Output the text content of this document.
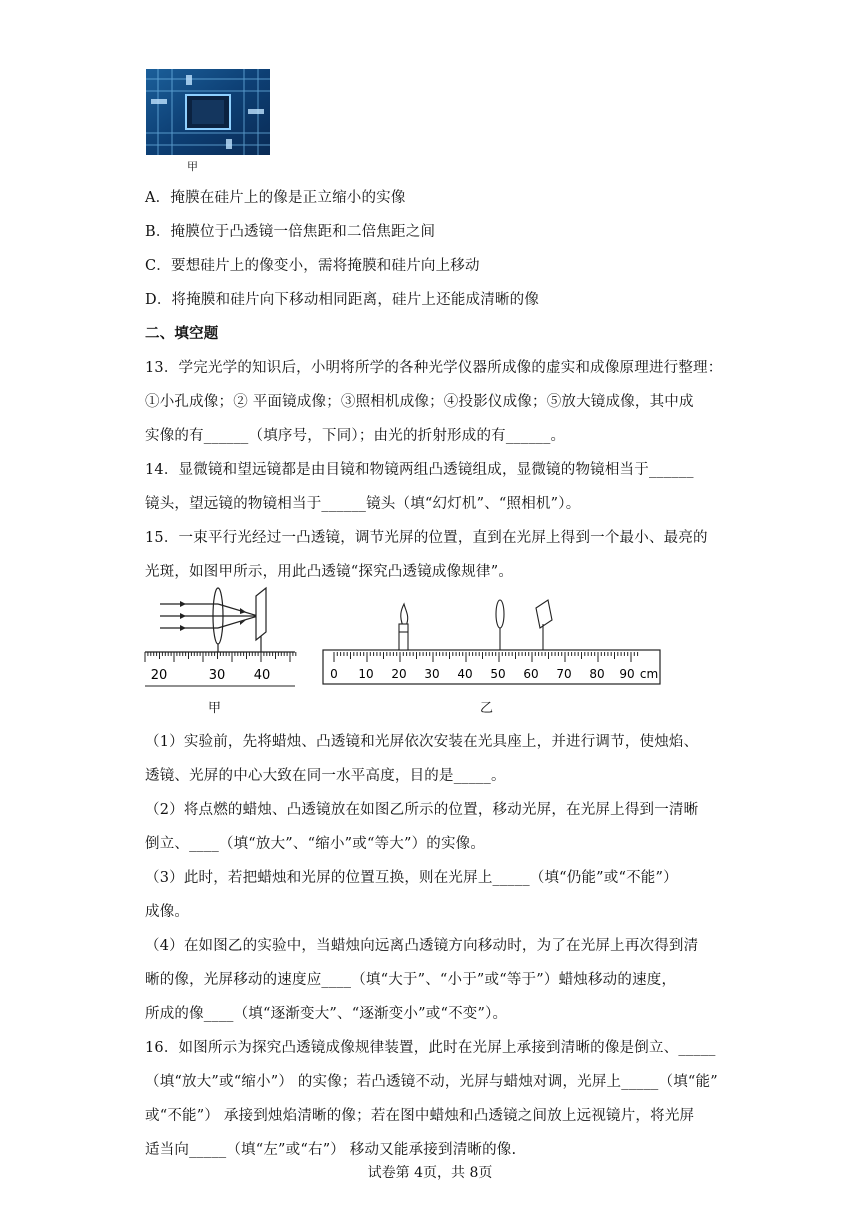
甲
A．掩膜在硅片上的像是正立缩小的实像
B．掩膜位于凸透镜一倍焦距和二倍焦距之间
C．要想硅片上的像变小，需将掩膜和硅片向上移动
D．将掩膜和硅片向下移动相同距离，硅片上还能成清晰的像
二、填空题
13．学完光学的知识后，小明将所学的各种光学仪器所成像的虚实和成像原理进行整理：
①小孔成像；② 平面镜成像；③照相机成像；④投影仪成像；⑤放大镜成像，其中成
实像的有______（填序号，下同）；由光的折射形成的有______。
14．显微镜和望远镜都是由目镜和物镜两组凸透镜组成，显微镜的物镜相当于______
镜头，望远镜的物镜相当于______镜头（填“幻灯机”、“照相机”）。
15．一束平行光经过一凸透镜，调节光屏的位置，直到在光屏上得到一个最小、最亮的
光斑，如图甲所示，用此凸透镜“探究凸透镜成像规律”。
20	30 40
甲
0 10 20 30 40 50 60 70 80 90 cm
乙
（1）实验前，先将蜡烛、凸透镜和光屏依次安装在光具座上，并进行调节，使烛焰、
透镜、光屏的中心大致在同一水平高度，目的是_____。
（2）将点燃的蜡烛、凸透镜放在如图乙所示的位置，移动光屏，在光屏上得到一清晰
倒立、____（填“放大”、“缩小”或“等大”）的实像。
（3）此时，若把蜡烛和光屏的位置互换，则在光屏上_____（填“仍能”或“不能”）
成像。
（4）在如图乙的实验中，当蜡烛向远离凸透镜方向移动时，为了在光屏上再次得到清
晰的像，光屏移动的速度应____（填“大于”、“小于”或“等于”）蜡烛移动的速度，
所成的像____（填“逐渐变大”、“逐渐变小”或“不变”）。
16．如图所示为探究凸透镜成像规律装置，此时在光屏上承接到清晰的像是倒立、_____
（填“放大”或“缩小”） 的实像；若凸透镜不动，光屏与蜡烛对调，光屏上_____（填“能”
或“不能”） 承接到烛焰清晰的像；若在图中蜡烛和凸透镜之间放上远视镜片，将光屏
适当向_____（填“左”或“右”） 移动又能承接到清晰的像.
试卷第 4页，共 8页
